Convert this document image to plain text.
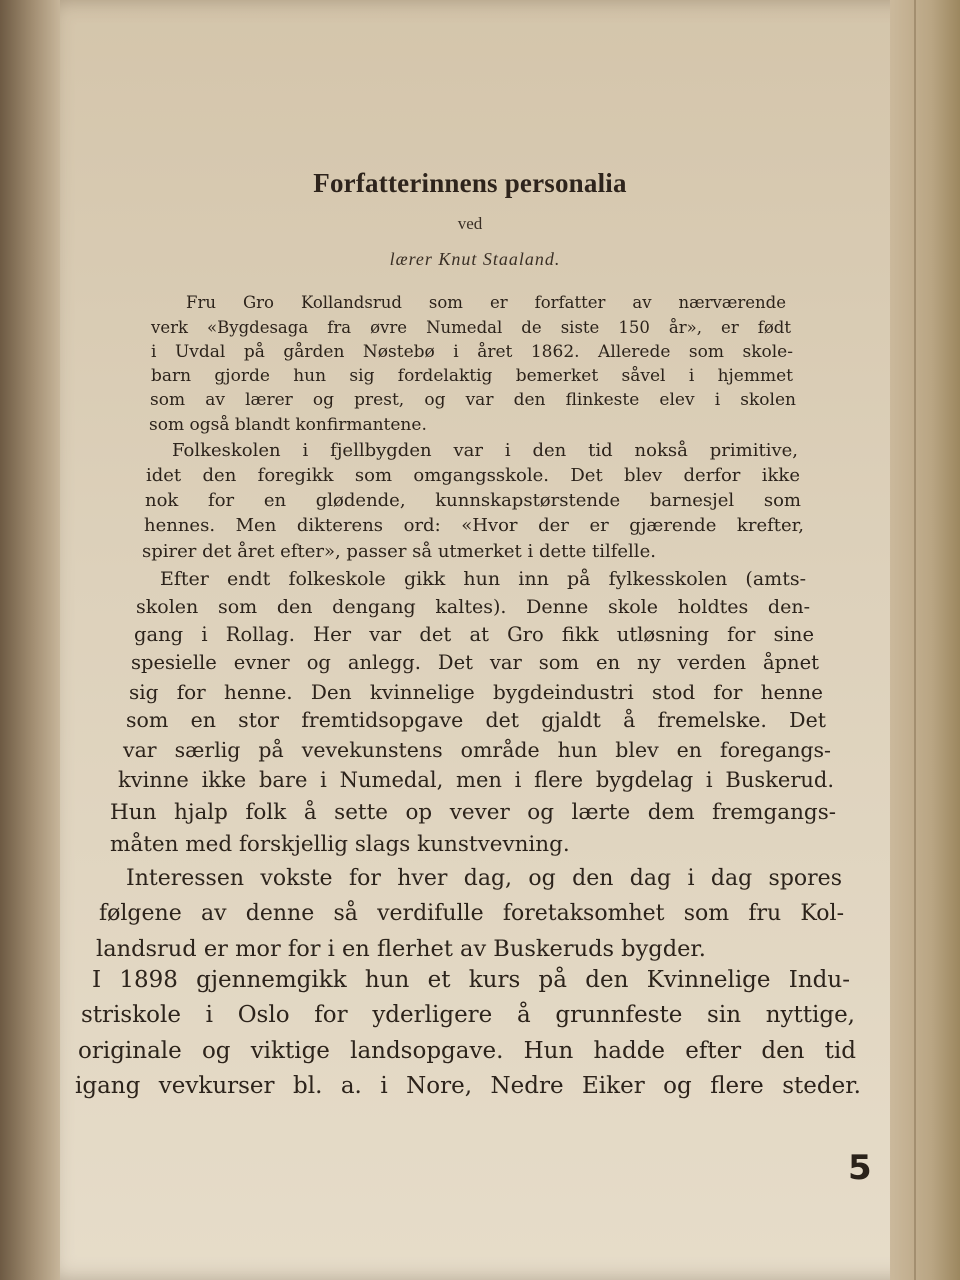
Forfatterinnens personalia
ved
lærer Knut Staaland.
Fru Gro Kollandsrud som er forfatter av nærværende
verk «Bygdesaga fra øvre Numedal de siste 150 år», er født
i Uvdal på gården Nøstebø i året 1862. Allerede som skole-
barn gjorde hun sig fordelaktig bemerket såvel i hjemmet
som av lærer og prest, og var den flinkeste elev i skolen
som også blandt konfirmantene.
Folkeskolen i fjellbygden var i den tid nokså primitive,
idet den foregikk som omgangsskole. Det blev derfor ikke
nok for en glødende, kunnskapstørstende barnesjel som
hennes. Men dikterens ord: «Hvor der er gjærende krefter,
spirer det året efter», passer så utmerket i dette tilfelle.
Efter endt folkeskole gikk hun inn på fylkesskolen (amts-
skolen som den dengang kaltes). Denne skole holdtes den-
gang i Rollag. Her var det at Gro fikk utløsning for sine
spesielle evner og anlegg. Det var som en ny verden åpnet
sig for henne. Den kvinnelige bygdeindustri stod for henne
som en stor fremtidsopgave det gjaldt å fremelske. Det
var særlig på vevekunstens område hun blev en foregangs-
kvinne ikke bare i Numedal, men i flere bygdelag i Buskerud.
Hun hjalp folk å sette op vever og lærte dem fremgangs-
måten med forskjellig slags kunstvevning.
Interessen vokste for hver dag, og den dag i dag spores
følgene av denne så verdifulle foretaksomhet som fru Kol-
landsrud er mor for i en flerhet av Buskeruds bygder.
I 1898 gjennemgikk hun et kurs på den Kvinnelige Indu-
striskole i Oslo for yderligere å grunnfeste sin nyttige,
originale og viktige landsopgave. Hun hadde efter den tid
igang vevkurser bl. a. i Nore, Nedre Eiker og flere steder.
5
